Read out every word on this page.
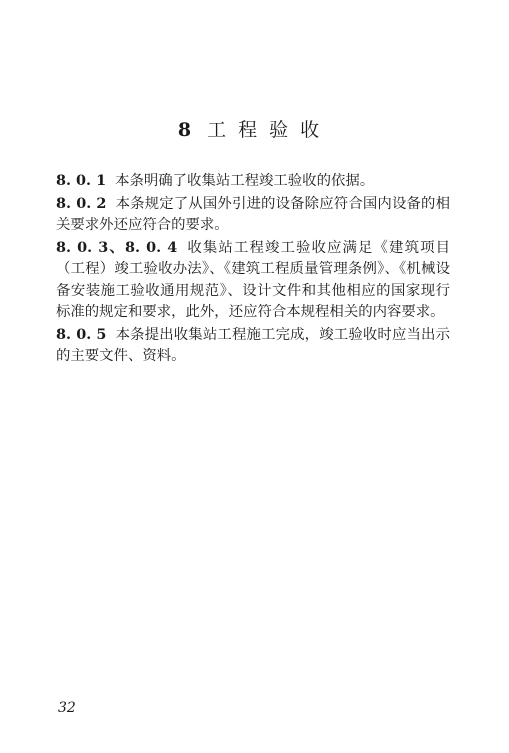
8 工程验收

8. 0. 1 本条明确了收集站工程竣工验收的依据。

8. 0. 2 本条规定了从国外引进的设备除应符合国内设备的相关要求外还应符合的要求。

8. 0. 3、8. 0. 4 收集站工程竣工验收应满足《建筑项目（工程）竣工验收办法》、《建筑工程质量管理条例》、《机械设备安装施工验收通用规范》、设计文件和其他相应的国家现行标准的规定和要求，此外，还应符合本规程相关的内容要求。

8. 0. 5 本条提出收集站工程施工完成，竣工验收时应当出示的主要文件、资料。

32
